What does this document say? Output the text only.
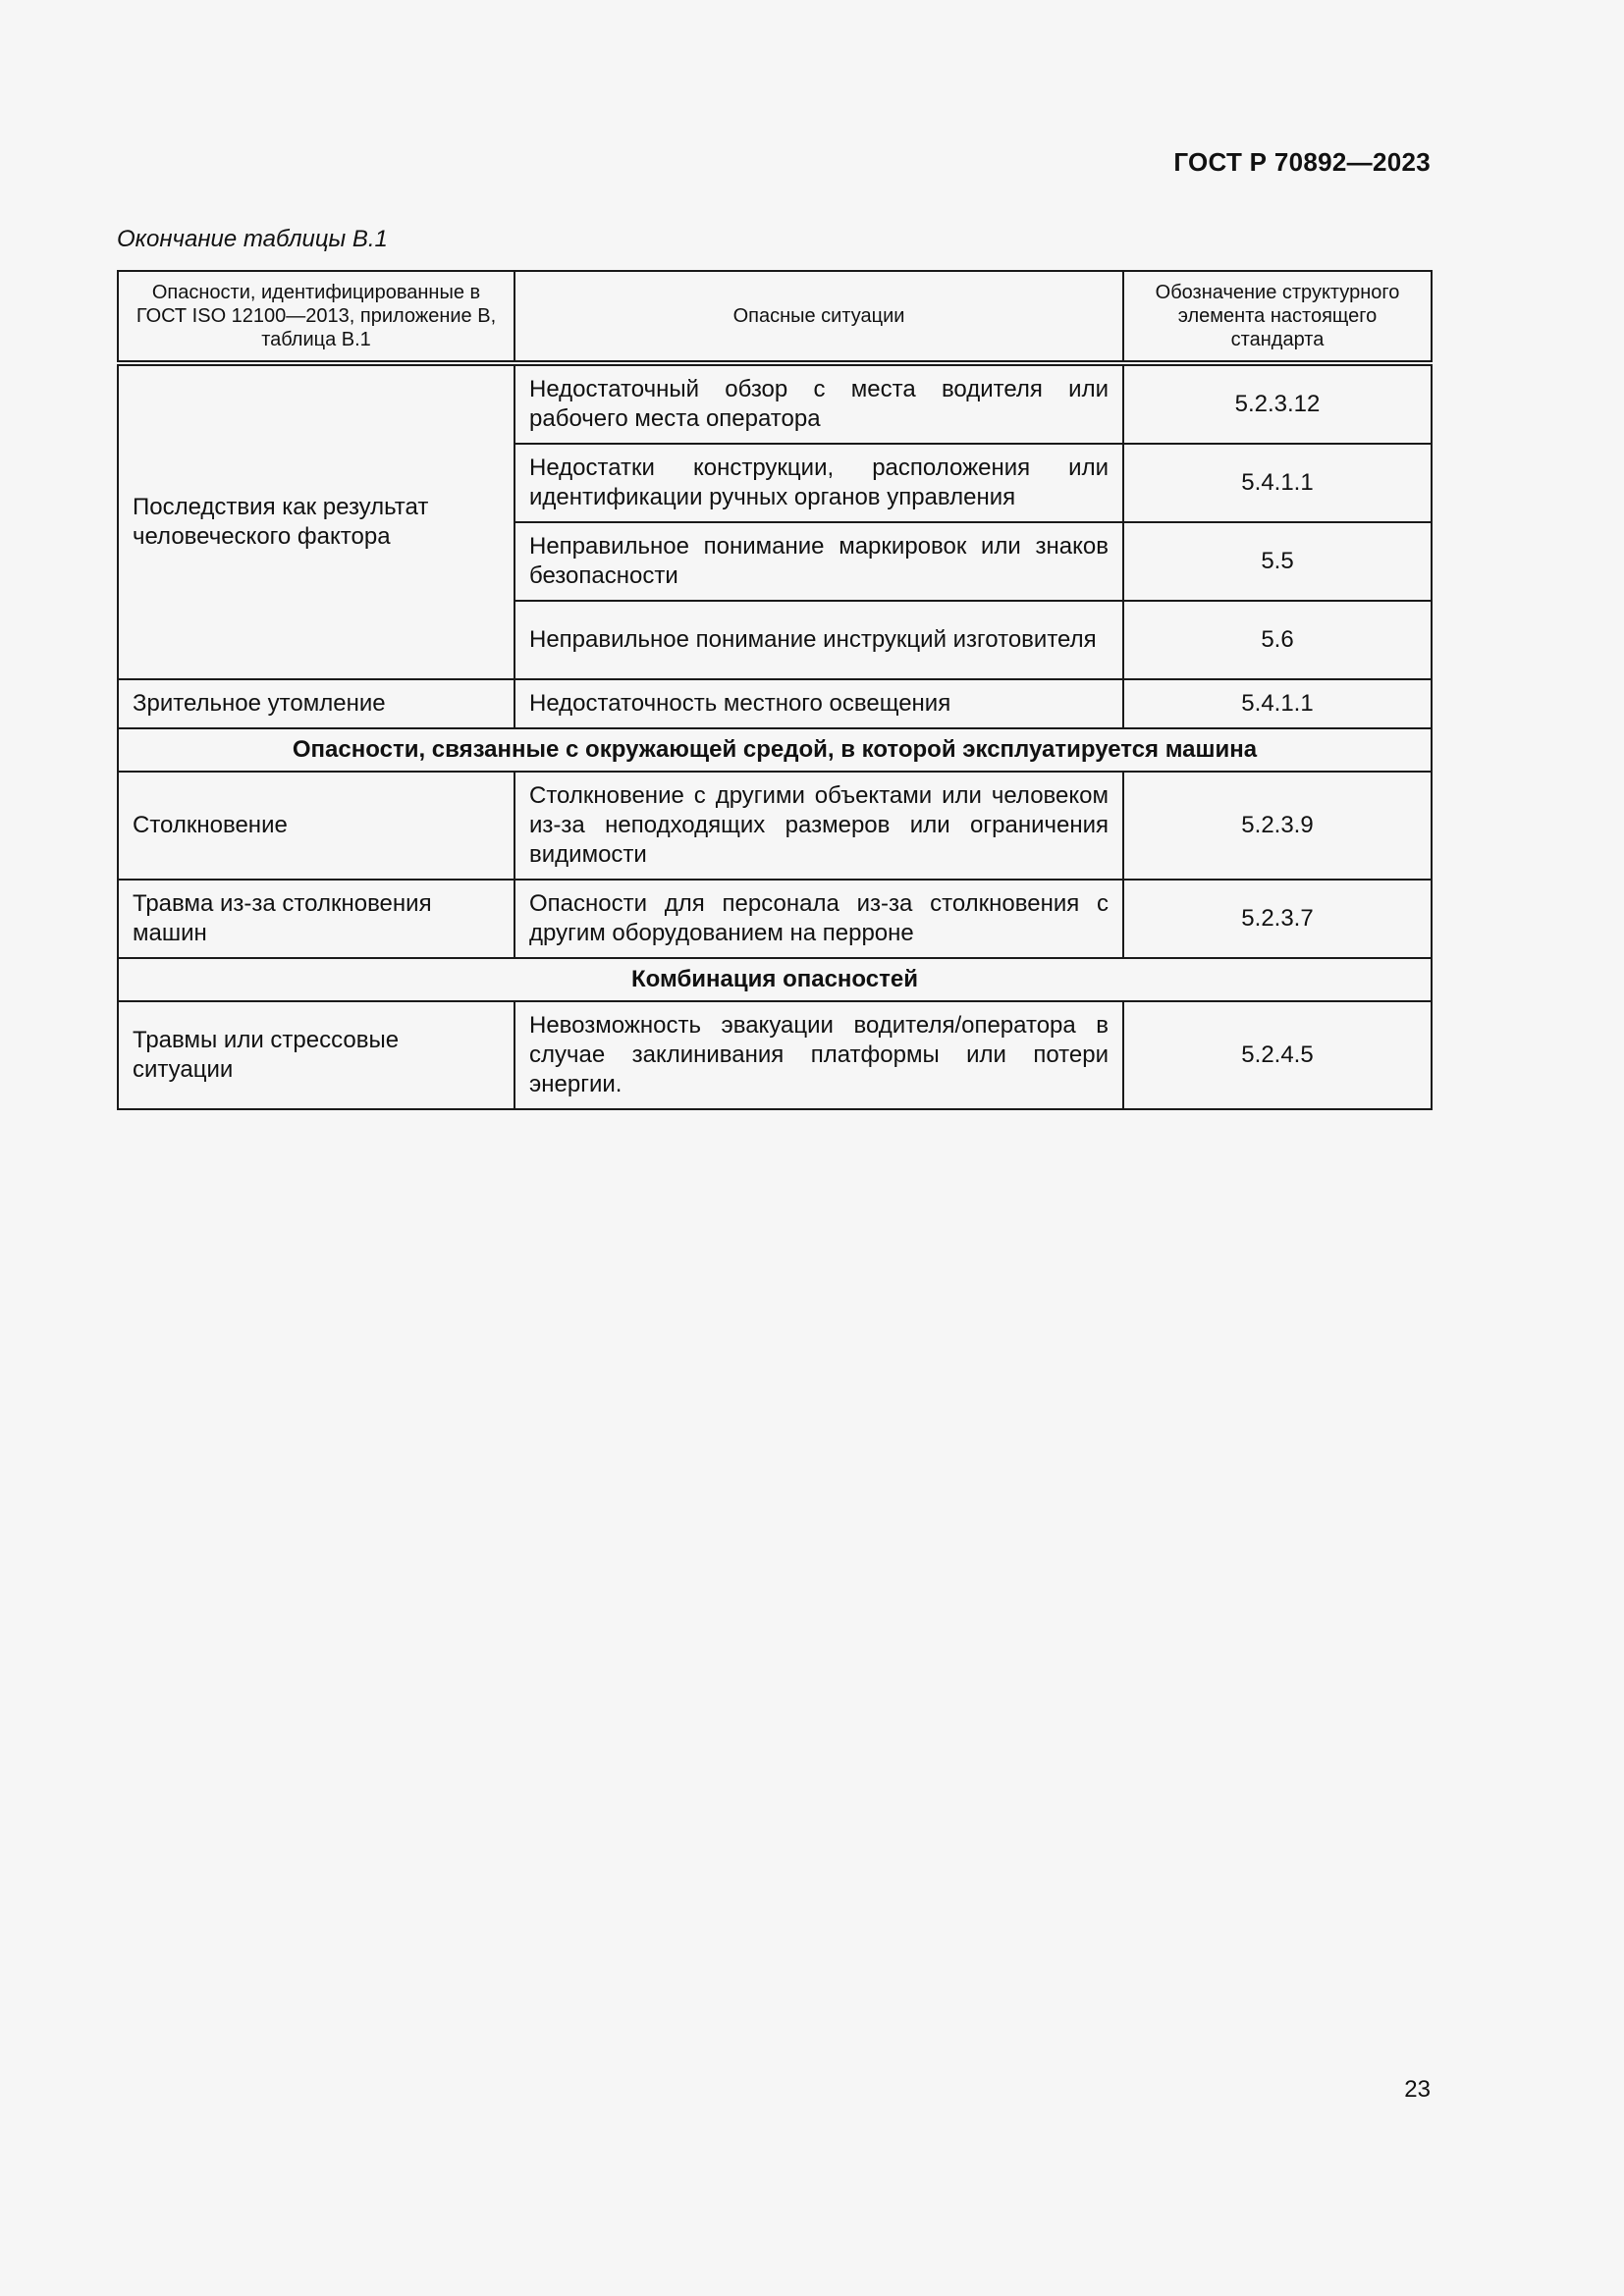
ГОСТ Р 70892—2023
Окончание таблицы В.1
Опасности, идентифицированные в ГОСТ ISO 12100—2013, приложение В, таблица В.1	Опасные ситуации	Обозначение структурного элемента настоящего стандарта
Последствия как результат человеческого фактора	Недостаточный обзор с места водителя или рабочего места оператора	5.2.3.12
	Недостатки конструкции, расположения или идентификации ручных органов управления	5.4.1.1
	Неправильное понимание маркировок или знаков безопасности	5.5
	Неправильное понимание инструкций изготовителя	5.6
Зрительное утомление	Недостаточность местного освещения	5.4.1.1
Опасности, связанные с окружающей средой, в которой эксплуатируется машина		
Столкновение	Столкновение с другими объектами или человеком из-за неподходящих размеров или ограничения видимости	5.2.3.9
Травма из-за столкновения машин	Опасности для персонала из-за столкновения с другим оборудованием на перроне	5.2.3.7
Комбинация опасностей		
Травмы или стрессовые ситуации	Невозможность эвакуации водителя/оператора в случае заклинивания платформы или потери энергии.	5.2.4.5
23
